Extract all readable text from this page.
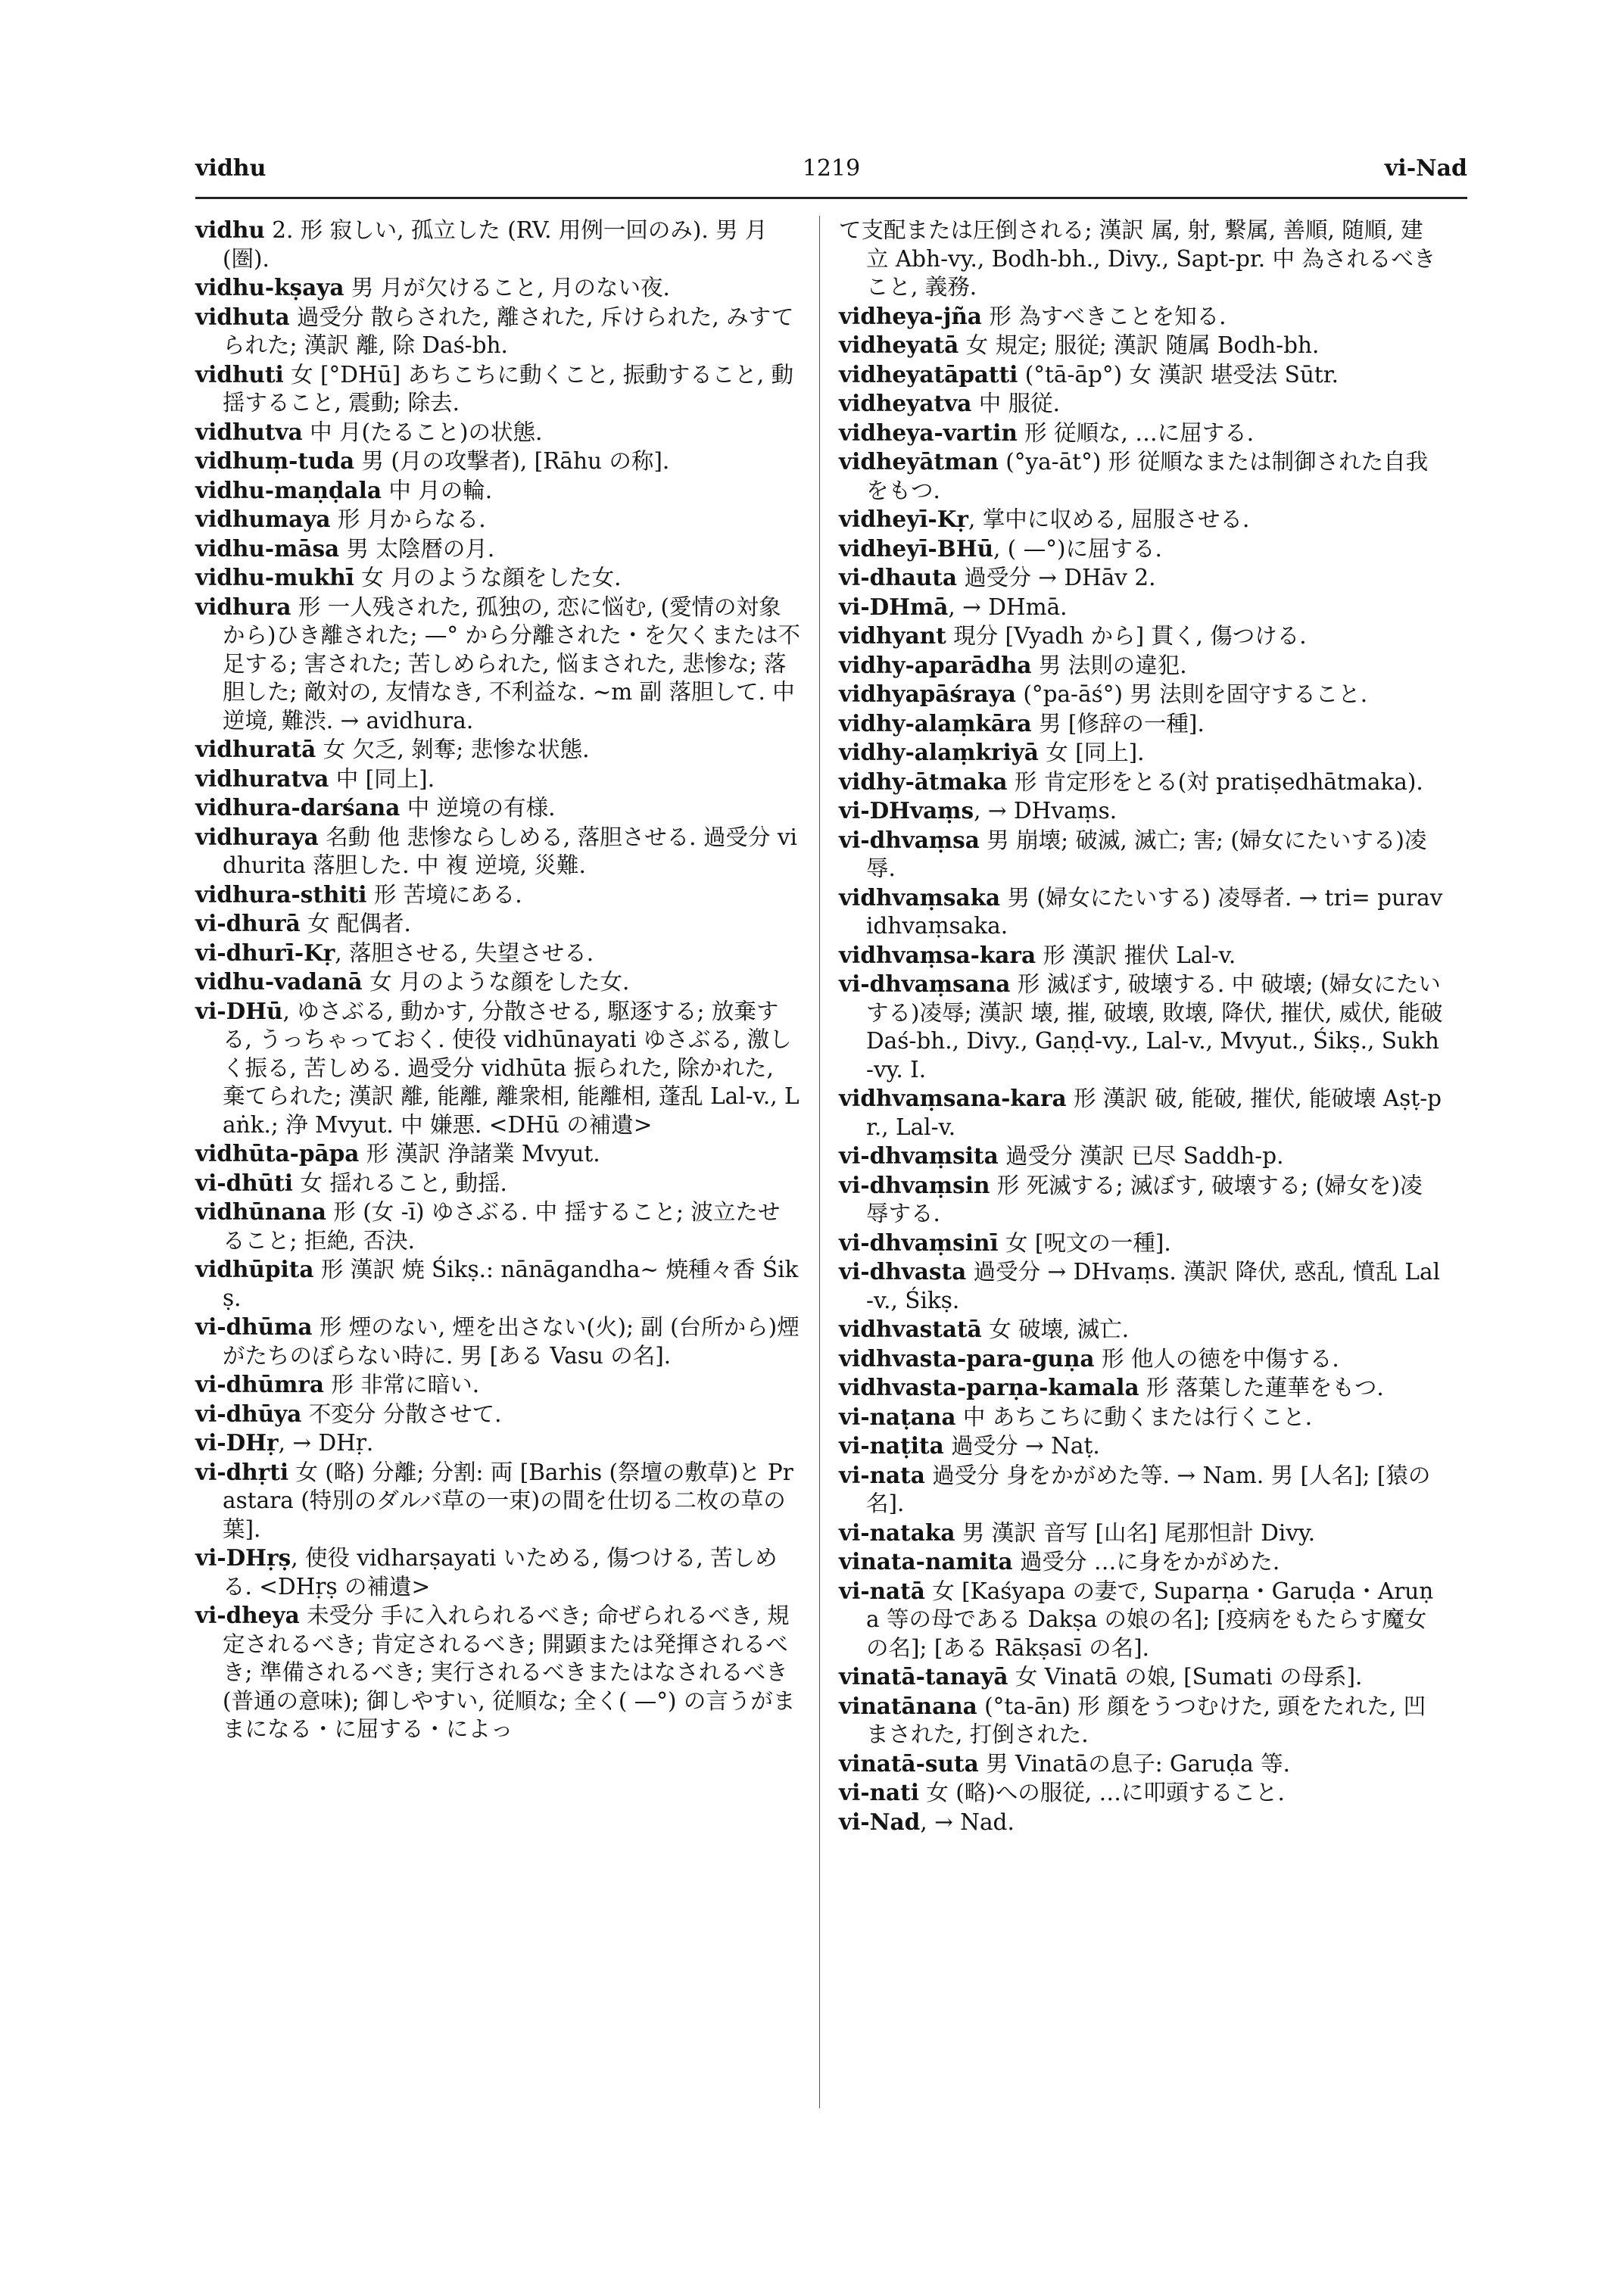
vidhu	1219	vi-Nad
vidhu 2. 形 寂しい, 孤立した (RV. 用例一回のみ). 男 月 (圏).
vidhu-kṣaya 男 月が欠けること, 月のない夜.
vidhuta 過受分 散らされた, 離された, 斥けられた, みすてられた; 漢訳 離, 除 Daś-bh.
vidhuti 女 [°DHū] あちこちに動くこと, 振動すること, 動揺すること, 震動; 除去.
vidhutva 中 月(たること)の状態.
vidhuṃ-tuda 男 (月の攻撃者), [Rāhu の称].
vidhu-maṇḍala 中 月の輪.
vidhumaya 形 月からなる.
vidhu-māsa 男 太陰暦の月.
vidhu-mukhī 女 月のような顔をした女.
vidhura 形 一人残された, 孤独の, 恋に悩む, (愛情の対象から)ひき離された; —° から分離された・を欠くまたは不足する; 害された; 苦しめられた, 悩まされた, 悲惨な; 落胆した; 敵対の, 友情なき, 不利益な. ~m 副 落胆して. 中 逆境, 難渋. → avidhura.
vidhuratā 女 欠乏, 剝奪; 悲惨な状態.
vidhuratva 中 [同上].
vidhura-darśana 中 逆境の有様.
vidhuraya 名動 他 悲惨ならしめる, 落胆させる. 過受分 vidhurita 落胆した. 中 複 逆境, 災難.
vidhura-sthiti 形 苦境にある.
vi-dhurā 女 配偶者.
vi-dhurī-Kṛ, 落胆させる, 失望させる.
vidhu-vadanā 女 月のような顔をした女.
vi-DHū, ゆさぶる, 動かす, 分散させる, 駆逐する; 放棄する, うっちゃっておく. 使役 vidhūnayati ゆさぶる, 激しく振る, 苦しめる. 過受分 vidhūta 振られた, 除かれた, 棄てられた; 漢訳 離, 能離, 離衆相, 能離相, 蓬乱 Lal-v., Laṅk.; 浄 Mvyut. 中 嫌悪. <DHū の補遺>
vidhūta-pāpa 形 漢訳 浄諸業 Mvyut.
vi-dhūti 女 揺れること, 動揺.
vidhūnana 形 (女 -ī) ゆさぶる. 中 揺すること; 波立たせること; 拒絶, 否決.
vidhūpita 形 漢訳 焼 Śikṣ.: nānāgandha~ 焼種々香 Śikṣ.
vi-dhūma 形 煙のない, 煙を出さない(火); 副 (台所から)煙がたちのぼらない時に. 男 [ある Vasu の名].
vi-dhūmra 形 非常に暗い.
vi-dhūya 不変分 分散させて.
vi-DHṛ, → DHṛ.
vi-dhṛti 女 (略) 分離; 分割: 両 [Barhis (祭壇の敷草)と Prastara (特別のダルバ草の一束)の間を仕切る二枚の草の葉].
vi-DHṛṣ, 使役 vidharṣayati いためる, 傷つける, 苦しめる. <DHṛṣ の補遺>
vi-dheya 未受分 手に入れられるべき; 命ぜられるべき, 規定されるべき; 肯定されるべき; 開顕または発揮されるべき; 準備されるべき; 実行されるべきまたはなされるべき (普通の意味); 御しやすい, 従順な; 全く( —°) の言うがままになる・に屈する・によっ
て支配または圧倒される; 漢訳 属, 射, 繋属, 善順, 随順, 建立 Abh-vy., Bodh-bh., Divy., Sapt-pr. 中 為されるべきこと, 義務.
vidheya-jña 形 為すべきことを知る.
vidheyatā 女 規定; 服従; 漢訳 随属 Bodh-bh.
vidheyatāpatti (°tā-āp°) 女 漢訳 堪受法 Sūtr.
vidheyatva 中 服従.
vidheya-vartin 形 従順な, …に屈する.
vidheyātman (°ya-āt°) 形 従順なまたは制御された自我をもつ.
vidheyī-Kṛ, 掌中に収める, 屈服させる.
vidheyī-BHū, ( —°)に屈する.
vi-dhauta 過受分 → DHāv 2.
vi-DHmā, → DHmā.
vidhyant 現分 [Vyadh から] 貫く, 傷つける.
vidhy-aparādha 男 法則の違犯.
vidhyapāśraya (°pa-āś°) 男 法則を固守すること.
vidhy-alaṃkāra 男 [修辞の一種].
vidhy-alaṃkriyā 女 [同上].
vidhy-ātmaka 形 肯定形をとる(対 pratiṣedhātmaka).
vi-DHvaṃs, → DHvaṃs.
vi-dhvaṃsa 男 崩壊; 破滅, 滅亡; 害; (婦女にたいする)凌辱.
vidhvaṃsaka 男 (婦女にたいする) 凌辱者. → tri= puravidhvaṃsaka.
vidhvaṃsa-kara 形 漢訳 摧伏 Lal-v.
vi-dhvaṃsana 形 滅ぼす, 破壊する. 中 破壊; (婦女にたいする)凌辱; 漢訳 壊, 摧, 破壊, 敗壊, 降伏, 摧伏, 威伏, 能破 Daś-bh., Divy., Gaṇḍ-vy., Lal-v., Mvyut., Śikṣ., Sukh-vy. I.
vidhvaṃsana-kara 形 漢訳 破, 能破, 摧伏, 能破壊 Aṣṭ-pr., Lal-v.
vi-dhvaṃsita 過受分 漢訳 已尽 Saddh-p.
vi-dhvaṃsin 形 死滅する; 滅ぼす, 破壊する; (婦女を)凌辱する.
vi-dhvaṃsinī 女 [呪文の一種].
vi-dhvasta 過受分 → DHvaṃs. 漢訳 降伏, 惑乱, 憤乱 Lal-v., Śikṣ.
vidhvastatā 女 破壊, 滅亡.
vidhvasta-para-guṇa 形 他人の徳を中傷する.
vidhvasta-parṇa-kamala 形 落葉した蓮華をもつ.
vi-naṭana 中 あちこちに動くまたは行くこと.
vi-naṭita 過受分 → Naṭ.
vi-nata 過受分 身をかがめた等. → Nam. 男 [人名]; [猿の名].
vi-nataka 男 漢訳 音写 [山名] 尾那怛計 Divy.
vinata-namita 過受分 …に身をかがめた.
vi-natā 女 [Kaśyapa の妻で, Suparṇa・Garuḍa・Aruṇa 等の母である Dakṣa の娘の名]; [疫病をもたらす魔女の名]; [ある Rākṣasī の名].
vinatā-tanayā 女 Vinatā の娘, [Sumati の母系].
vinatānana (°ta-ān) 形 顔をうつむけた, 頭をたれた, 凹まされた, 打倒された.
vinatā-suta 男 Vinatāの息子: Garuḍa 等.
vi-nati 女 (略)への服従, …に叩頭すること.
vi-Nad, → Nad.
